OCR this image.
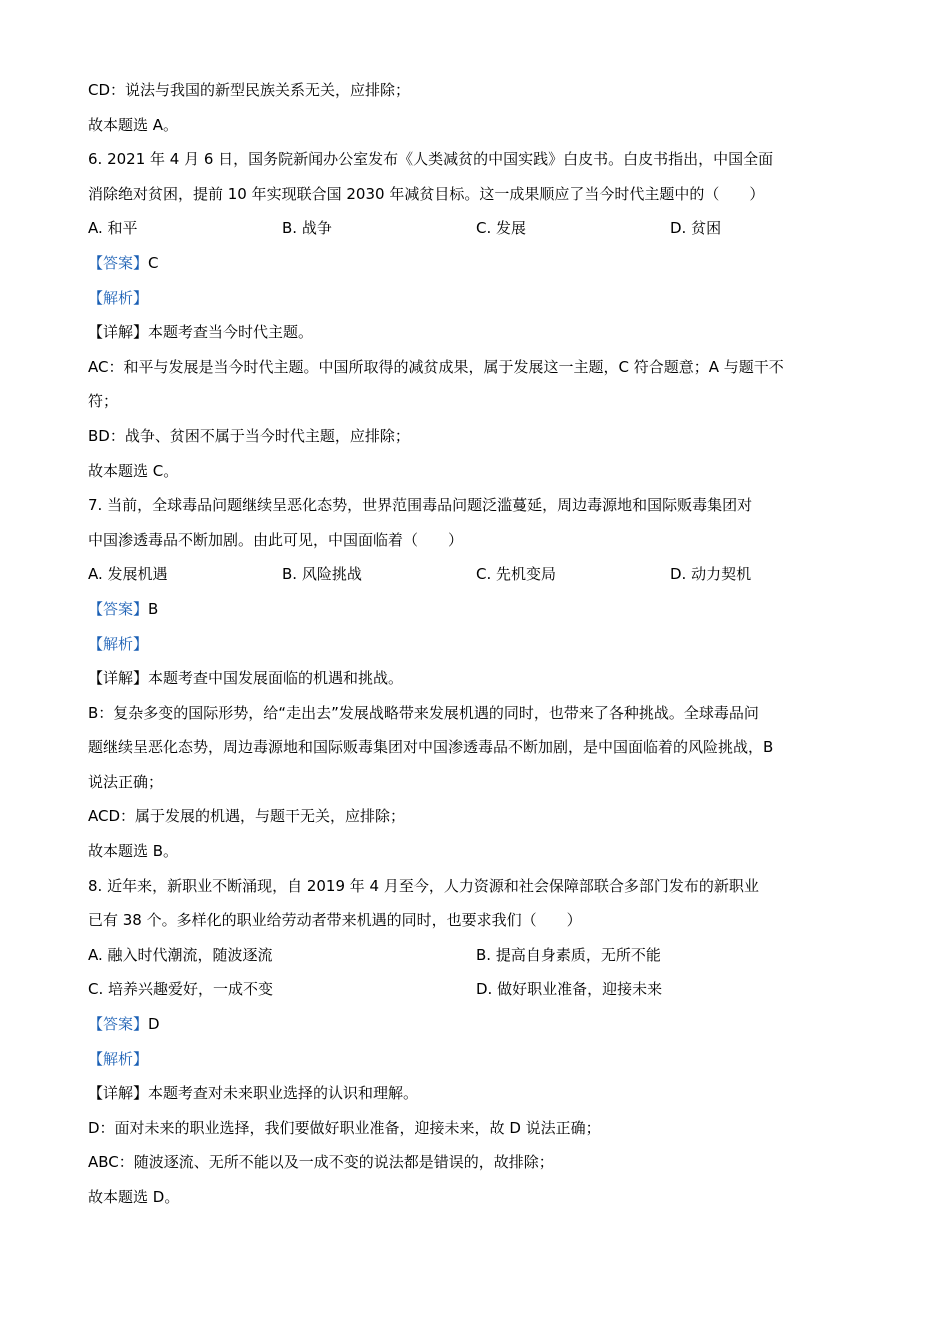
CD：说法与我国的新型民族关系无关，应排除；
故本题选 A。
6. 2021 年 4 月 6 日，国务院新闻办公室发布《人类减贫的中国实践》白皮书。白皮书指出，中国全面
消除绝对贫困，提前 10 年实现联合国 2030 年减贫目标。这一成果顺应了当今时代主题中的（　　）
A. 和平	B. 战争	C. 发展	D. 贫困
【答案】C
【解析】
【详解】本题考查当今时代主题。
AC：和平与发展是当今时代主题。中国所取得的减贫成果，属于发展这一主题，C 符合题意；A 与题干不
符；
BD：战争、贫困不属于当今时代主题，应排除；
故本题选 C。
7. 当前，全球毒品问题继续呈恶化态势，世界范围毒品问题泛滥蔓延，周边毒源地和国际贩毒集团对
中国渗透毒品不断加剧。由此可见，中国面临着（　　）
A. 发展机遇	B. 风险挑战	C. 先机变局	D. 动力契机
【答案】B
【解析】
【详解】本题考查中国发展面临的机遇和挑战。
B：复杂多变的国际形势，给“走出去”发展战略带来发展机遇的同时，也带来了各种挑战。全球毒品问
题继续呈恶化态势，周边毒源地和国际贩毒集团对中国渗透毒品不断加剧，是中国面临着的风险挑战，B
说法正确；
ACD：属于发展的机遇，与题干无关，应排除；
故本题选 B。
8. 近年来，新职业不断涌现，自 2019 年 4 月至今，人力资源和社会保障部联合多部门发布的新职业
已有 38 个。多样化的职业给劳动者带来机遇的同时，也要求我们（　　）
A. 融入时代潮流，随波逐流	B. 提高自身素质，无所不能
C. 培养兴趣爱好，一成不变	D. 做好职业准备，迎接未来
【答案】D
【解析】
【详解】本题考查对未来职业选择的认识和理解。
D：面对未来的职业选择，我们要做好职业准备，迎接未来，故 D 说法正确；
ABC：随波逐流、无所不能以及一成不变的说法都是错误的，故排除；
故本题选 D。
